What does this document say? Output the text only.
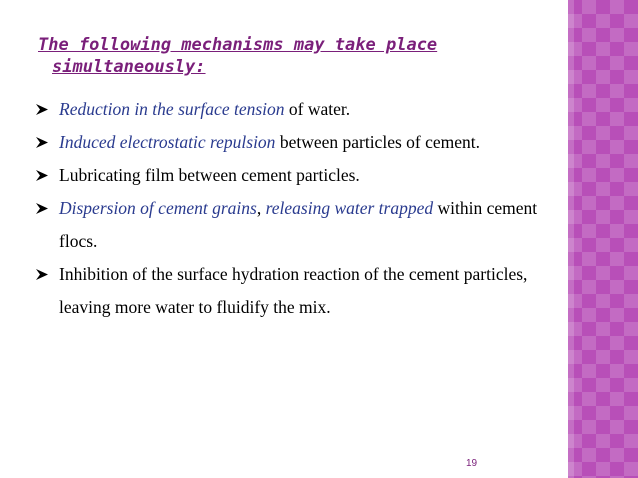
The following mechanisms may take place
simultaneously:
Reduction in the surface tension of water.
Induced electrostatic repulsion between particles of cement.
Lubricating film between cement particles.
Dispersion of cement grains, releasing water trapped within cement flocs.
Inhibition of the surface hydration reaction of the cement particles, leaving more water to fluidify the mix.
19
